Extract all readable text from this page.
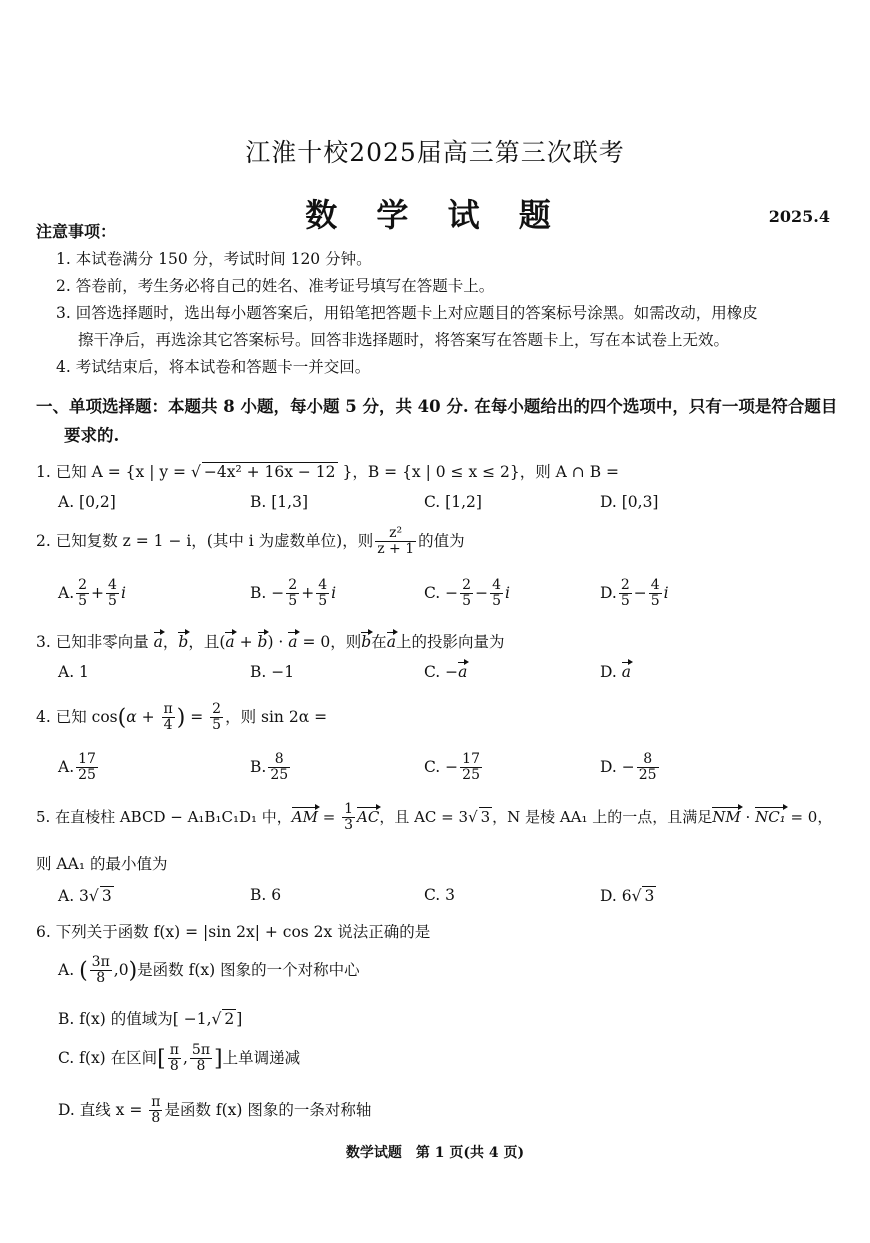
江淮十校2025届高三第三次联考
数 学 试 题	2025.4
注意事项：
1. 本试卷满分 150 分，考试时间 120 分钟。
2. 答卷前，考生务必将自己的姓名、准考证号填写在答题卡上。
3. 回答选择题时，选出每小题答案后，用铅笔把答题卡上对应题目的答案标号涂黑。如需改动，用橡皮
擦干净后，再选涂其它答案标号。回答非选择题时，将答案写在答题卡上，写在本试卷上无效。
4. 考试结束后，将本试卷和答题卡一并交回。
一、单项选择题：本题共 8 小题，每小题 5 分，共 40 分. 在每小题给出的四个选项中，只有一项是符合题目
要求的.
1. 已知 A = {x | y = √ −4x² + 16x − 12 }，B = {x | 0 ≤ x ≤ 2}，则 A ∩ B =
A. [0,2]	B. [1,3]	C. [1,2]	D. [0,3]
2. 已知复数 z = 1 − i，(其中 i 为虚数单位)，则 $\frac{\text{z²}}{z + 1}$ 的值为
A. $\frac{2}{5} + \frac{4}{5}$ i	B. − $\frac{2}{5} + \frac{4}{5}$ i	C. − $\frac{2}{5} - \frac{4}{5}$ i	D. $\frac{2}{5} - \frac{4}{5}$ i
3. 已知非零向量 a，b，且(a + b) · a = 0，则b在a上的投影向量为
A. 1	B. −1	C. −a	D. a
4. 已知 $\cos(\alpha + \frac{\pi}{4}$ ) = $\frac{2}{5}$ ，则 sin 2α =
A. $\frac{17}{25}$	B. $\frac{8}{25}$	C. − $\frac{17}{25}$	D. − $\frac{8}{25}$
5. 在直棱柱 ABCD − A₁B₁C₁D₁ 中，AM = $\frac{1}{3}$ AC，且 AC = 3√ 3 ，N 是棱 AA₁ 上的一点，且满足NM · NC₁ = 0，
则 AA₁ 的最小值为
A. 3√ 3	B. 6	C. 3	D. 6√ 3
6. 下列关于函数 f(x) = |sin 2x| + cos 2x 说法正确的是
A. ( $\frac{3\pi}{8} ,0$)是函数 f(x) 图象的一个对称中心
B. f(x) 的值域为[ −1,√ 2 ]
C. f(x) 在区间[ $\frac{\pi}{8}$ , $\frac{5\pi}{8}$ ]上单调递减
D. 直线 $x = \frac{\pi}{8}$ 是函数 f(x) 图象的一条对称轴
数学试题　第 1 页(共 4 页)
